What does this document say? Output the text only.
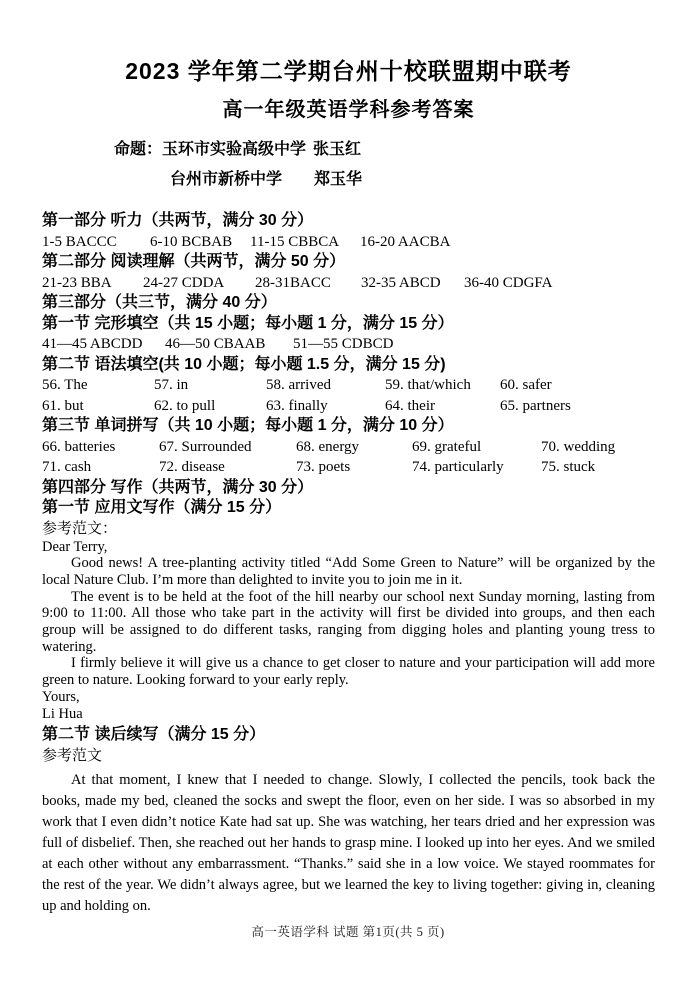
2023 学年第二学期台州十校联盟期中联考
高一年级英语学科参考答案
命题：玉环市实验高级中学 张玉红
台州市新桥中学 郑玉华
第一部分 听力（共两节，满分 30 分）
1-5 BACCC 6-10 BCBAB 11-15 CBBCA 16-20 AACBA
第二部分 阅读理解（共两节，满分 50 分）
21-23 BBA 24-27 CDDA 28-31BACC 32-35 ABCD 36-40 CDGFA
第三部分（共三节，满分 40 分）
第一节 完形填空（共 15 小题；每小题 1 分，满分 15 分）
41—45 ABCDD 46—50 CBAAB 51—55 CDBCD
第二节 语法填空(共 10 小题；每小题 1.5 分，满分 15 分)
56. The	57. in	58. arrived	59. that/which 60. safer
61. but	62. to pull	63. finally	64. their	65. partners
第三节 单词拼写（共 10 小题；每小题 1 分，满分 10 分）
66. batteries	67. Surrounded	68. energy	69. grateful	70. wedding
71. cash	72. disease	73. poets	74. particularly 75. stuck
第四部分 写作（共两节，满分 30 分）
第一节 应用文写作（满分 15 分）
参考范文：

Dear Terry,

Good news! A tree-planting activity titled “Add Some Green to Nature” will be organized by the local Nature Club. I’m more than delighted to invite you to join me in it.

The event is to be held at the foot of the hill nearby our school next Sunday morning, lasting from 9:00 to 11:00. All those who take part in the activity will first be divided into groups, and then each group will be assigned to do different tasks, ranging from digging holes and planting young tress to watering.

I firmly believe it will give us a chance to get closer to nature and your participation will add more green to nature. Looking forward to your early reply.

Yours,

Li Hua

第二节 读后续写（满分 15 分）
参考范文

At that moment, I knew that I needed to change. Slowly, I collected the pencils, took back the books, made my bed, cleaned the socks and swept the floor, even on her side. I was so absorbed in my work that I even didn’t notice Kate had sat up. She was watching, her tears dried and her expression was full of disbelief. Then, she reached out her hands to grasp mine. I looked up into her eyes. And we smiled at each other without any embarrassment. “Thanks.” said she in a low voice. We stayed roommates for the rest of the year. We didn’t always agree, but we learned the key to living together: giving in, cleaning up and holding on.

高一英语学科 试题 第1页(共 5 页)
